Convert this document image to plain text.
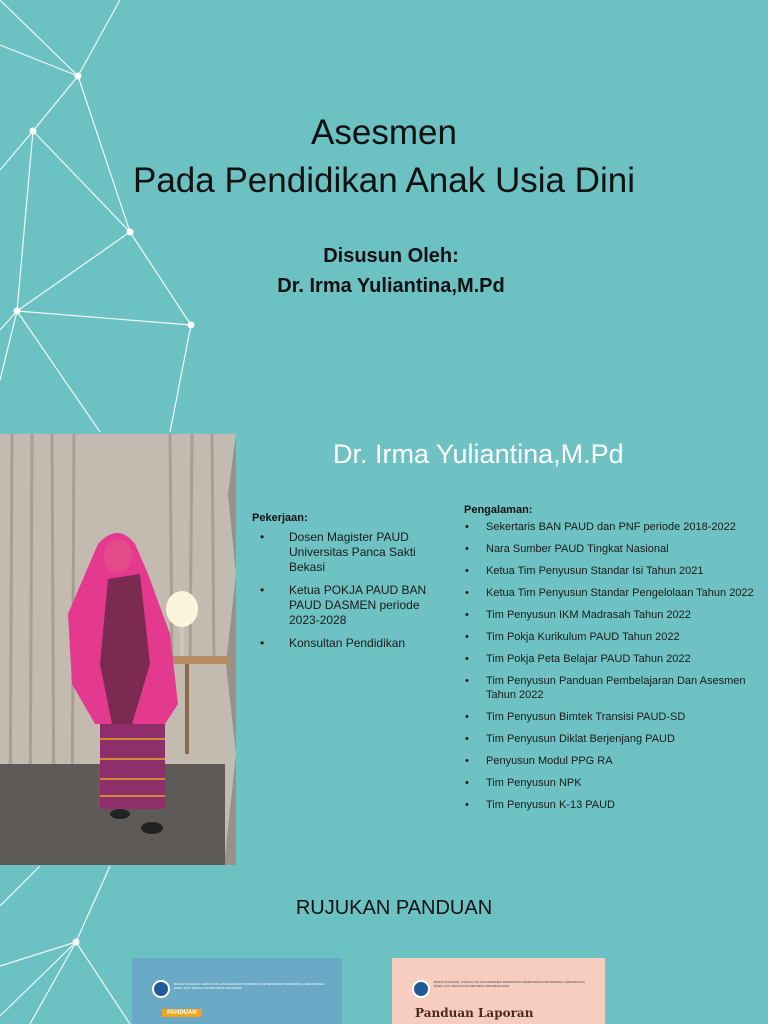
Asesmen
Pada Pendidikan Anak Usia Dini
Disusun Oleh:
Dr. Irma Yuliantina,M.Pd
Dr. Irma Yuliantina,M.Pd
Pekerjaan:
• Dosen Magister PAUD Universitas Panca Sakti Bekasi
• Ketua POKJA PAUD BAN PAUD DASMEN periode 2023-2028
• Konsultan Pendidikan
Pengalaman:
• Sekertaris BAN PAUD dan PNF periode 2018-2022
• Nara Sumber PAUD Tingkat Nasional
• Ketua Tim Penyusun Standar Isi Tahun 2021
• Ketua Tim Penyusun Standar Pengelolaan Tahun 2022
• Tim Penyusun IKM Madrasah Tahun 2022
• Tim Pokja Kurikulum PAUD Tahun 2022
• Tim Pokja Peta Belajar PAUD Tahun 2022
• Tim Penyusun Panduan Pembelajaran Dan Asesmen Tahun 2022
• Tim Penyusun Bimtek Transisi PAUD-SD
• Tim Penyusun Diklat Berjenjang PAUD
• Penyusun Modul PPG RA
• Tim Penyusun NPK
• Tim Penyusun K-13 PAUD
RUJUKAN PANDUAN
BADAN STANDAR, KURIKULUM, DAN ASESMEN PENDIDIKAN KEMENTERIAN PENDIDIKAN, KEBUDAYAAN, RISET, DAN TEKNOLOGI REPUBLIK INDONESIA
PANDUAN
BADAN STANDAR, KURIKULUM, DAN ASESMEN PENDIDIKAN KEMENTERIAN PENDIDIKAN, KEBUDAYAAN, RISET, DAN TEKNOLOGI REPUBLIK INDONESIA 2022
Panduan Laporan
